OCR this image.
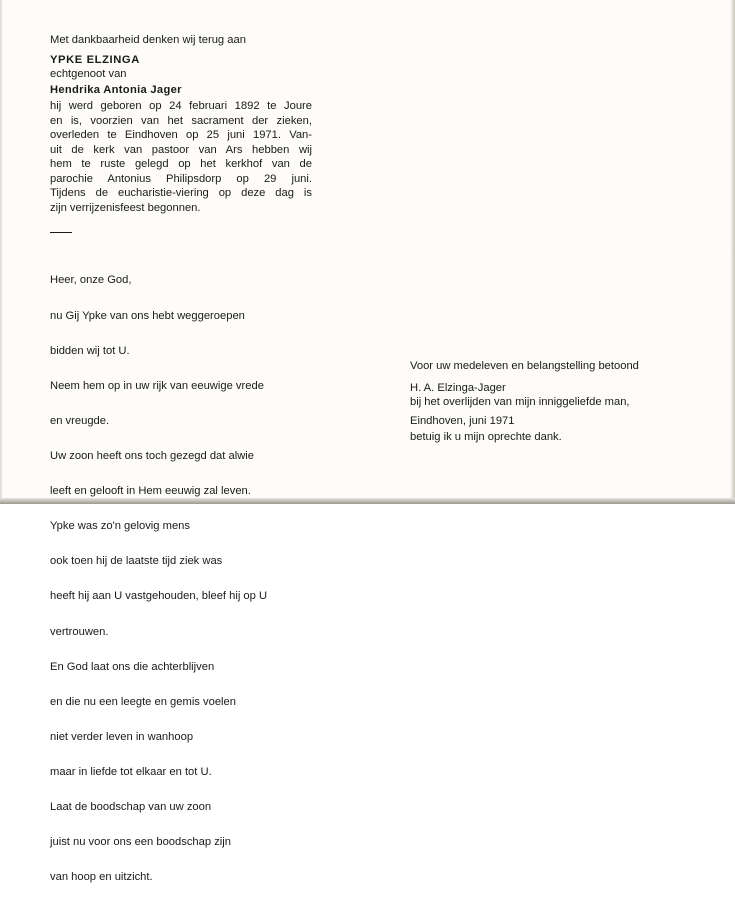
Met dankbaarheid denken wij terug aan
YPKE ELZINGA
echtgenoot van
Hendrika Antonia Jager
hij werd geboren op 24 februari 1892 te Joure
en is, voorzien van het sacrament der zieken,
overleden te Eindhoven op 25 juni 1971. Van-
uit de kerk van pastoor van Ars hebben wij
hem te ruste gelegd op het kerkhof van de
parochie Antonius Philipsdorp op 29 juni.
Tijdens de eucharistie-viering op deze dag is
zijn verrijzenisfeest begonnen.

Heer, onze God,

nu Gij Ypke van ons hebt weggeroepen

bidden wij tot U.

Neem hem op in uw rijk van eeuwige vrede

en vreugde.

Uw zoon heeft ons toch gezegd dat alwie

leeft en gelooft in Hem eeuwig zal leven.

Ypke was zo'n gelovig mens

ook toen hij de laatste tijd ziek was

heeft hij aan U vastgehouden, bleef hij op U

vertrouwen.

En God laat ons die achterblijven

en die nu een leegte en gemis voelen

niet verder leven in wanhoop

maar in liefde tot elkaar en tot U.

Laat de boodschap van uw zoon

juist nu voor ons een boodschap zijn

van hoop en uitzicht.

Voor uw medeleven en belangstelling betoond

bij het overlijden van mijn inniggeliefde man,

betuig ik u mijn oprechte dank.

H. A. Elzinga-Jager
Eindhoven, juni 1971
